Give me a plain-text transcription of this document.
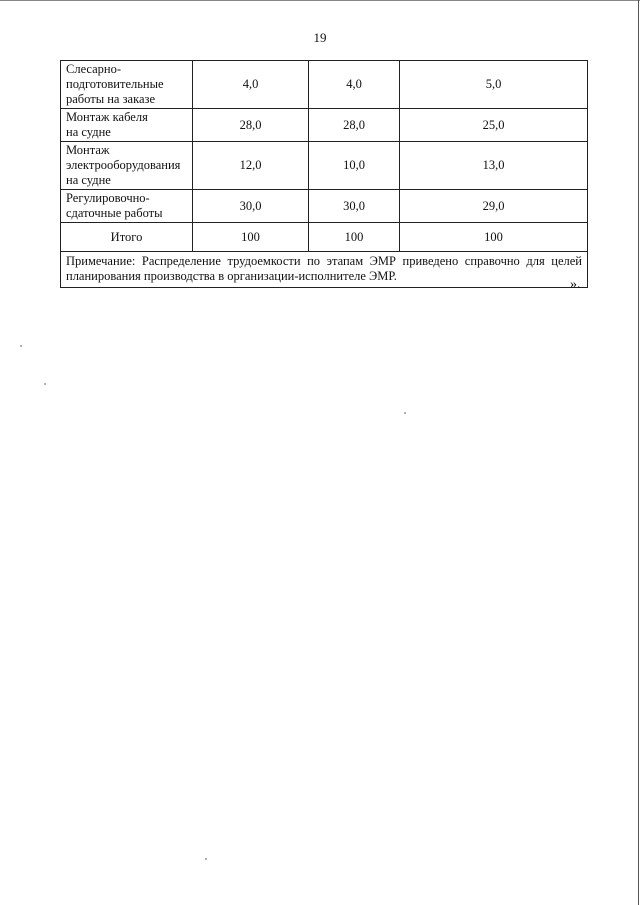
19
Слесарно-
подготовительные
работы на заказе	4,0	4,0	5,0

Монтаж кабеля
на судне	28,0	28,0	25,0

Монтаж
электрооборудования
на судне	12,0	10,0	13,0

Регулировочно-
сдаточные работы	30,0	30,0	29,0
Итого	100	100	100
Примечание: Распределение трудоемкости по этапам ЭМР приведено справочно для целей планирования производства в организации-исполнителе ЭМР.			
».
